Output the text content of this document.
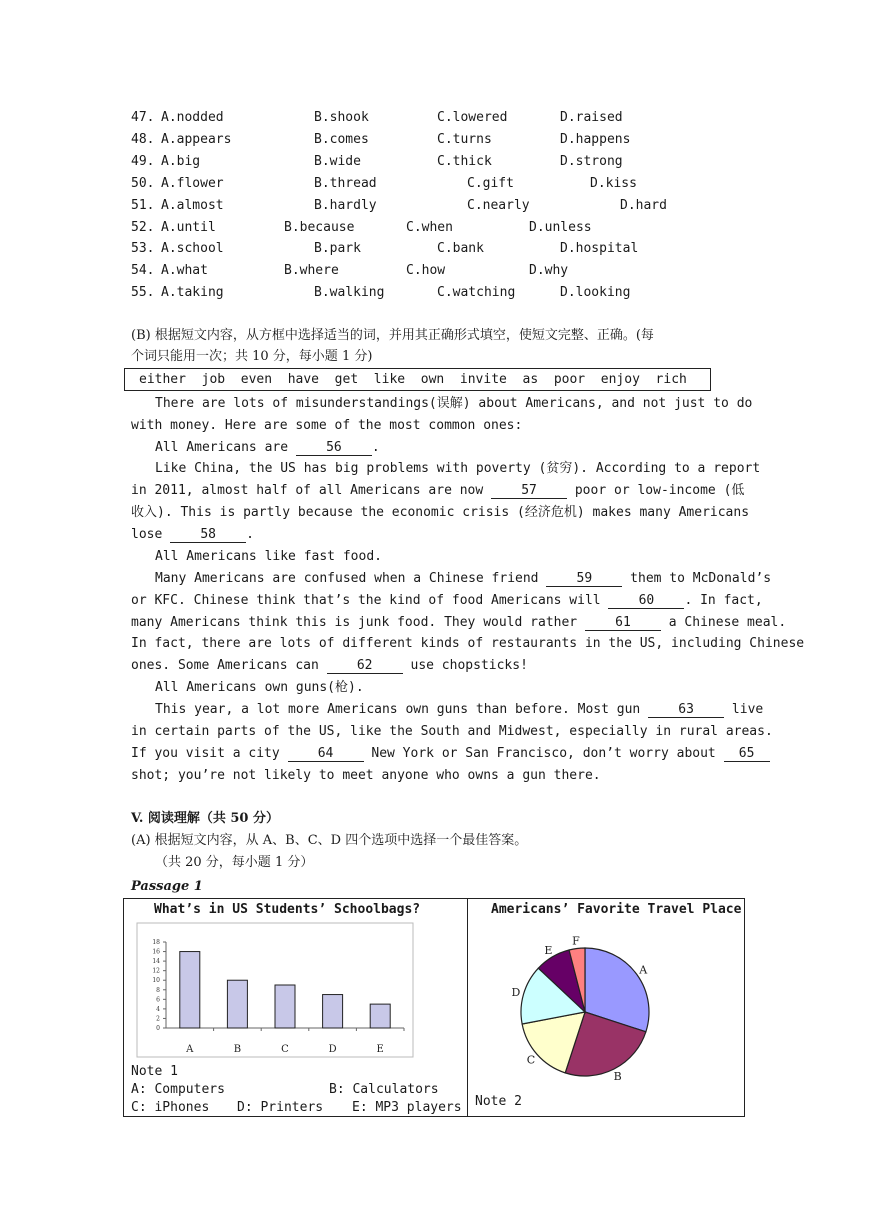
47. A.nodded	B.shook	C.lowered	D.raised
48. A.appears	B.comes	C.turns	D.happens
49. A.big	B.wide	C.thick	D.strong
50. A.flower	B.thread	C.gift	D.kiss
51. A.almost	B.hardly	C.nearly	D.hard
52. A.until	B.because	C.when	D.unless
53. A.school	B.park	C.bank	D.hospital
54. A.what	B.where	C.how	D.why
55. A.taking	B.walking	C.watching	D.looking
(B) 根据短文内容，从方框中选择适当的词，并用其正确形式填空，使短文完整、正确。(每
个词只能用一次；共 10 分，每小题 1 分)
either  job  even  have  get  like  own  invite  as  poor  enjoy  rich
There are lots of misunderstandings(误解) about Americans, and not just to do
with money. Here are some of the most common ones:
All Americans are 56 .
Like China, the US has big problems with poverty (贫穷). According to a report
in 2011, almost half of all Americans are now 57 poor or low-income (低
收入). This is partly because the economic crisis (经济危机) makes many Americans
lose 58 .
All Americans like fast food.
Many Americans are confused when a Chinese friend 59 them to McDonald’s
or KFC. Chinese think that’s the kind of food Americans will 60 . In fact,
many Americans think this is junk food. They would rather 61 a Chinese meal.
In fact, there are lots of different kinds of restaurants in the US, including Chinese
ones. Some Americans can 62 use chopsticks!
All Americans own guns(枪).
This year, a lot more Americans own guns than before. Most gun 63 live
in certain parts of the US, like the South and Midwest, especially in rural areas.
If you visit a city 64 New York or San Francisco, don’t worry about 65
shot; you’re not likely to meet anyone who owns a gun there.
V. 阅读理解（共 50 分）
(A) 根据短文内容，从 A、B、C、D 四个选项中选择一个最佳答案。
（共 20 分，每小题 1 分）
Passage 1
What’s in US Students’ Schoolbags?	Americans’ Favorite Travel Place
0
2
4
6
8
10
12
14
16
18
A	B	C	D	E
A
B
C
D
E
F
Note 1
A: Computers	B: Calculators
C: iPhones D: Printers E: MP3 players Note 2
